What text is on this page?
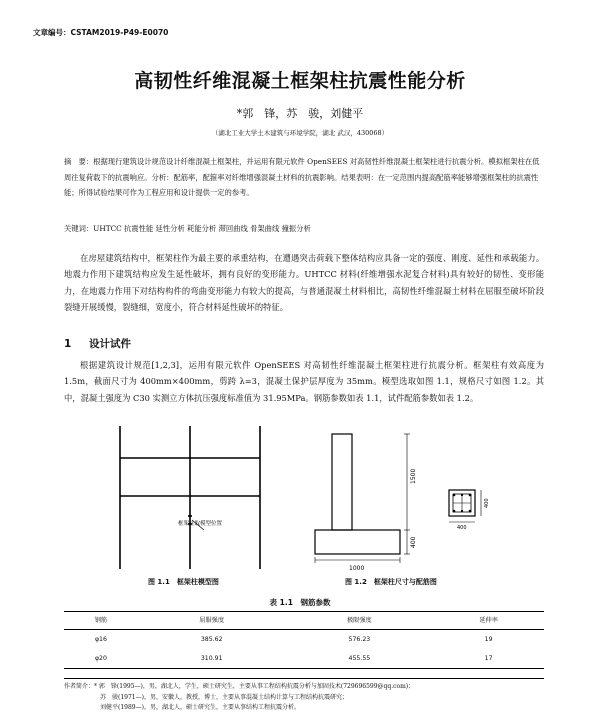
文章编号：CSTAM2019-P49-E0070
高韧性纤维混凝土框架柱抗震性能分析
*郭　锋，苏　骏，刘健平
（湖北工业大学土木建筑与环境学院，湖北 武汉，430068）
摘　要：根据现行建筑设计规范设计纤维混凝土框架柱，并运用有限元软件 OpenSEES 对高韧性纤维混凝土框架柱进行抗震分析。模拟框架柱在低周往复荷载下的抗震响应。分析：配筋率，配箍率对纤维增强混凝土材料的抗震影响。结果表明：在一定范围内提高配筋率能够增强框架柱的抗震性能；所得试验结果可作为工程应用和设计提供一定的参考。
关键词：UHTCC 抗震性能 延性分析 耗能分析 滞回曲线 骨架曲线 撞振分析
在房屋建筑结构中，框架柱作为最主要的承重结构，在遭遇突击荷载下整体结构应具备一定的强度、刚度、延性和承载能力。地震力作用下建筑结构应发生延性破坏，拥有良好的变形能力。UHTCC 材料(纤维增强水泥复合材料)具有较好的韧性、变形能力，在地震力作用下对结构构件的弯曲变形能力有较大的提高，与普通混凝土材料相比，高韧性纤维混凝土材料在屈服至破坏阶段裂缝开展缓慢，裂缝细，宽度小，符合材料延性破坏的特征。
1 设计试件
根据建筑设计规范[1,2,3]，运用有限元软件 OpenSEES 对高韧性纤维混凝土框架柱进行抗震分析。框架柱有效高度为 1.5m，截面尺寸为 400mm×400mm，剪跨 λ=3，混凝土保护层厚度为 35mm。模型选取如图 1.1，规格尺寸如图 1.2。其中，混凝土强度为 C30 实测立方体抗压强度标准值为 31.95MPa。钢筋参数如表 1.1，试件配筋参数如表 1.2。
框架柱取模型位置
图 1.1　框架柱模型图
1500
400
1000
400
400
图 1.2　框架柱尺寸与配筋图
表 1.1　钢筋参数
钢筋	屈服强度	极限强度	延伸率
φ16	385.62	576.23	19
φ20	310.91	455.55	17
作者简介：* 郭　锋(1995—)，男，湖北人，学生，硕士研究生，主要从事工程结构抗震分析与加固技术(729696599@qq.com)；
苏　骏(1971—)，男，安徽人，教授，博士，主要从事混凝土结构计算与工程结构抗震研究；
刘健平(1989—)，男，湖北人，硕士研究生，主要从事结构工程抗震分析。
